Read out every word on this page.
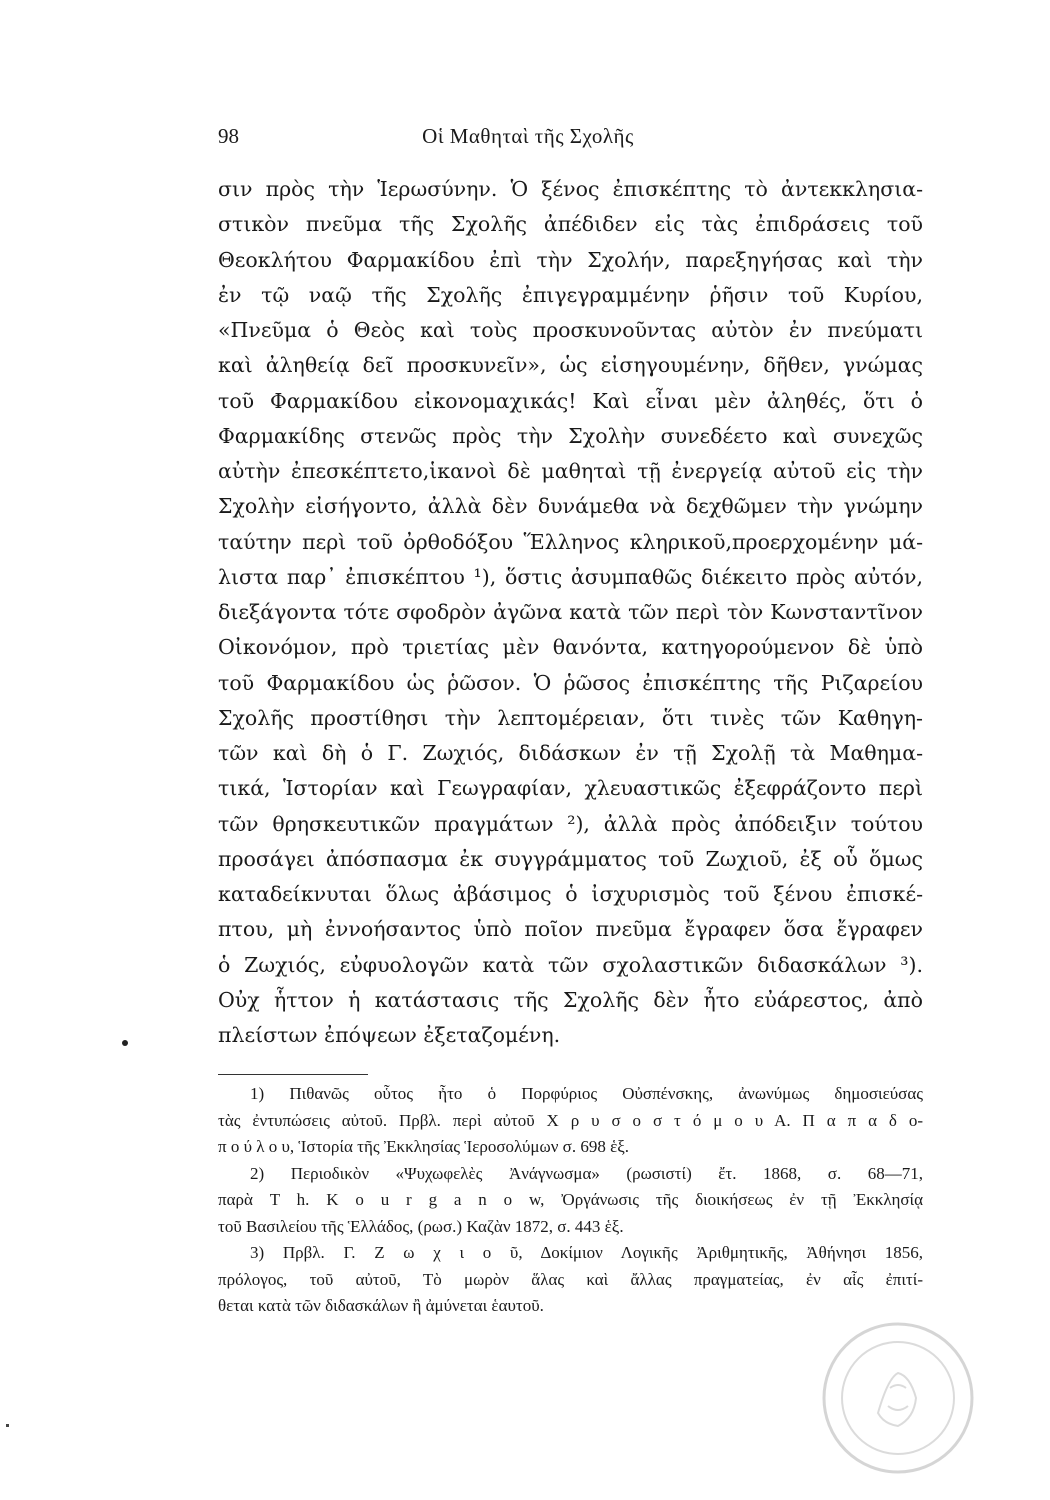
98	Οἱ Μαθηταὶ τῆς Σχολῆς
σιν πρὸς τὴν Ἱερωσύνην. Ὁ ξένος ἐπισκέπτης τὸ ἀντεκκλησια-
στικὸν πνεῦμα τῆς Σχολῆς ἀπέδιδεν εἰς τὰς ἐπιδράσεις τοῦ
Θεοκλήτου Φαρμακίδου ἐπὶ τὴν Σχολήν, παρεξηγήσας καὶ τὴν
ἐν τῷ ναῷ τῆς Σχολῆς ἐπιγεγραμμένην ῥῆσιν τοῦ Κυρίου,
«Πνεῦμα ὁ Θεὸς καὶ τοὺς προσκυνοῦντας αὐτὸν ἐν πνεύματι
καὶ ἀληθείᾳ δεῖ προσκυνεῖν», ὡς εἰσηγουμένην, δῆθεν, γνώμας
τοῦ Φαρμακίδου εἰκονομαχικάς! Καὶ εἶναι μὲν ἀληθές, ὅτι ὁ
Φαρμακίδης στενῶς πρὸς τὴν Σχολὴν συνεδέετο καὶ συνεχῶς
αὐτὴν ἐπεσκέπτετο,ἱκανοὶ δὲ μαθηταὶ τῇ ἐνεργείᾳ αὐτοῦ εἰς τὴν
Σχολὴν εἰσήγοντο, ἀλλὰ δὲν δυνάμεθα νὰ δεχθῶμεν τὴν γνώμην
ταύτην περὶ τοῦ ὀρθοδόξου Ἕλληνος κληρικοῦ,προερχομένην μά-
λιστα παρ᾽ ἐπισκέπτου ¹), ὅστις ἀσυμπαθῶς διέκειτο πρὸς αὐτόν,
διεξάγοντα τότε σφοδρὸν ἀγῶνα κατὰ τῶν περὶ τὸν Κωνσταντῖνον
Οἰκονόμον, πρὸ τριετίας μὲν θανόντα, κατηγορούμενον δὲ ὑπὸ
τοῦ Φαρμακίδου ὡς ῥῶσον. Ὁ ῥῶσος ἐπισκέπτης τῆς Ριζαρείου
Σχολῆς προστίθησι τὴν λεπτομέρειαν, ὅτι τινὲς τῶν Καθηγη-
τῶν καὶ δὴ ὁ Γ. Ζωχιός, διδάσκων ἐν τῇ Σχολῇ τὰ Μαθημα-
τικά, Ἱστορίαν καὶ Γεωγραφίαν, χλευαστικῶς ἐξεφράζοντο περὶ
τῶν θρησκευτικῶν πραγμάτων ²), ἀλλὰ πρὸς ἀπόδειξιν τούτου
προσάγει ἀπόσπασμα ἐκ συγγράμματος τοῦ Ζωχιοῦ, ἐξ οὗ ὅμως
καταδείκνυται ὅλως ἀβάσιμος ὁ ἰσχυρισμὸς τοῦ ξένου ἐπισκέ-
πτου, μὴ ἐννοήσαντος ὑπὸ ποῖον πνεῦμα ἔγραφεν ὅσα ἔγραφεν
ὁ Ζωχιός, εὐφυολογῶν κατὰ τῶν σχολαστικῶν διδασκάλων ³).
Οὐχ ἧττον ἡ κατάστασις τῆς Σχολῆς δὲν ἦτο εὐάρεστος, ἀπὸ
πλείστων ἐπόψεων ἐξεταζομένη.
1) Πιθανῶς οὗτος ἦτο ὁ Πορφύριος Οὐσπένσκης, ἀνωνύμως δημοσιεύσας
τὰς ἐντυπώσεις αὐτοῦ. Πρβλ. περὶ αὐτοῦ Χ ρ υ σ ο σ τ ό μ ο υ Α. Π α π α δ ο-
π ο ύ λ ο υ, Ἱστορία τῆς Ἐκκλησίας Ἱεροσολύμων σ. 698 ἑξ.
2) Περιοδικὸν «Ψυχωφελὲς Ἀνάγνωσμα» (ρωσιστί) ἔτ. 1868, σ. 68—71,
παρὰ T h. K o u r g a n o w, Ὀργάνωσις τῆς διοικήσεως ἐν τῇ Ἐκκλησίᾳ
τοῦ Βασιλείου τῆς Ἑλλάδος, (ρωσ.) Καζὰν 1872, σ. 443 ἑξ.
3) Πρβλ. Γ. Ζ ω χ ι ο ῦ, Δοκίμιον Λογικῆς Ἀριθμητικῆς, Ἀθήνησι 1856,
πρόλογος, τοῦ αὐτοῦ, Τὸ μωρὸν ἅλας καὶ ἄλλας πραγματείας, ἐν αἷς ἐπιτί-
θεται κατὰ τῶν διδασκάλων ἢ ἀμύνεται ἑαυτοῦ.
